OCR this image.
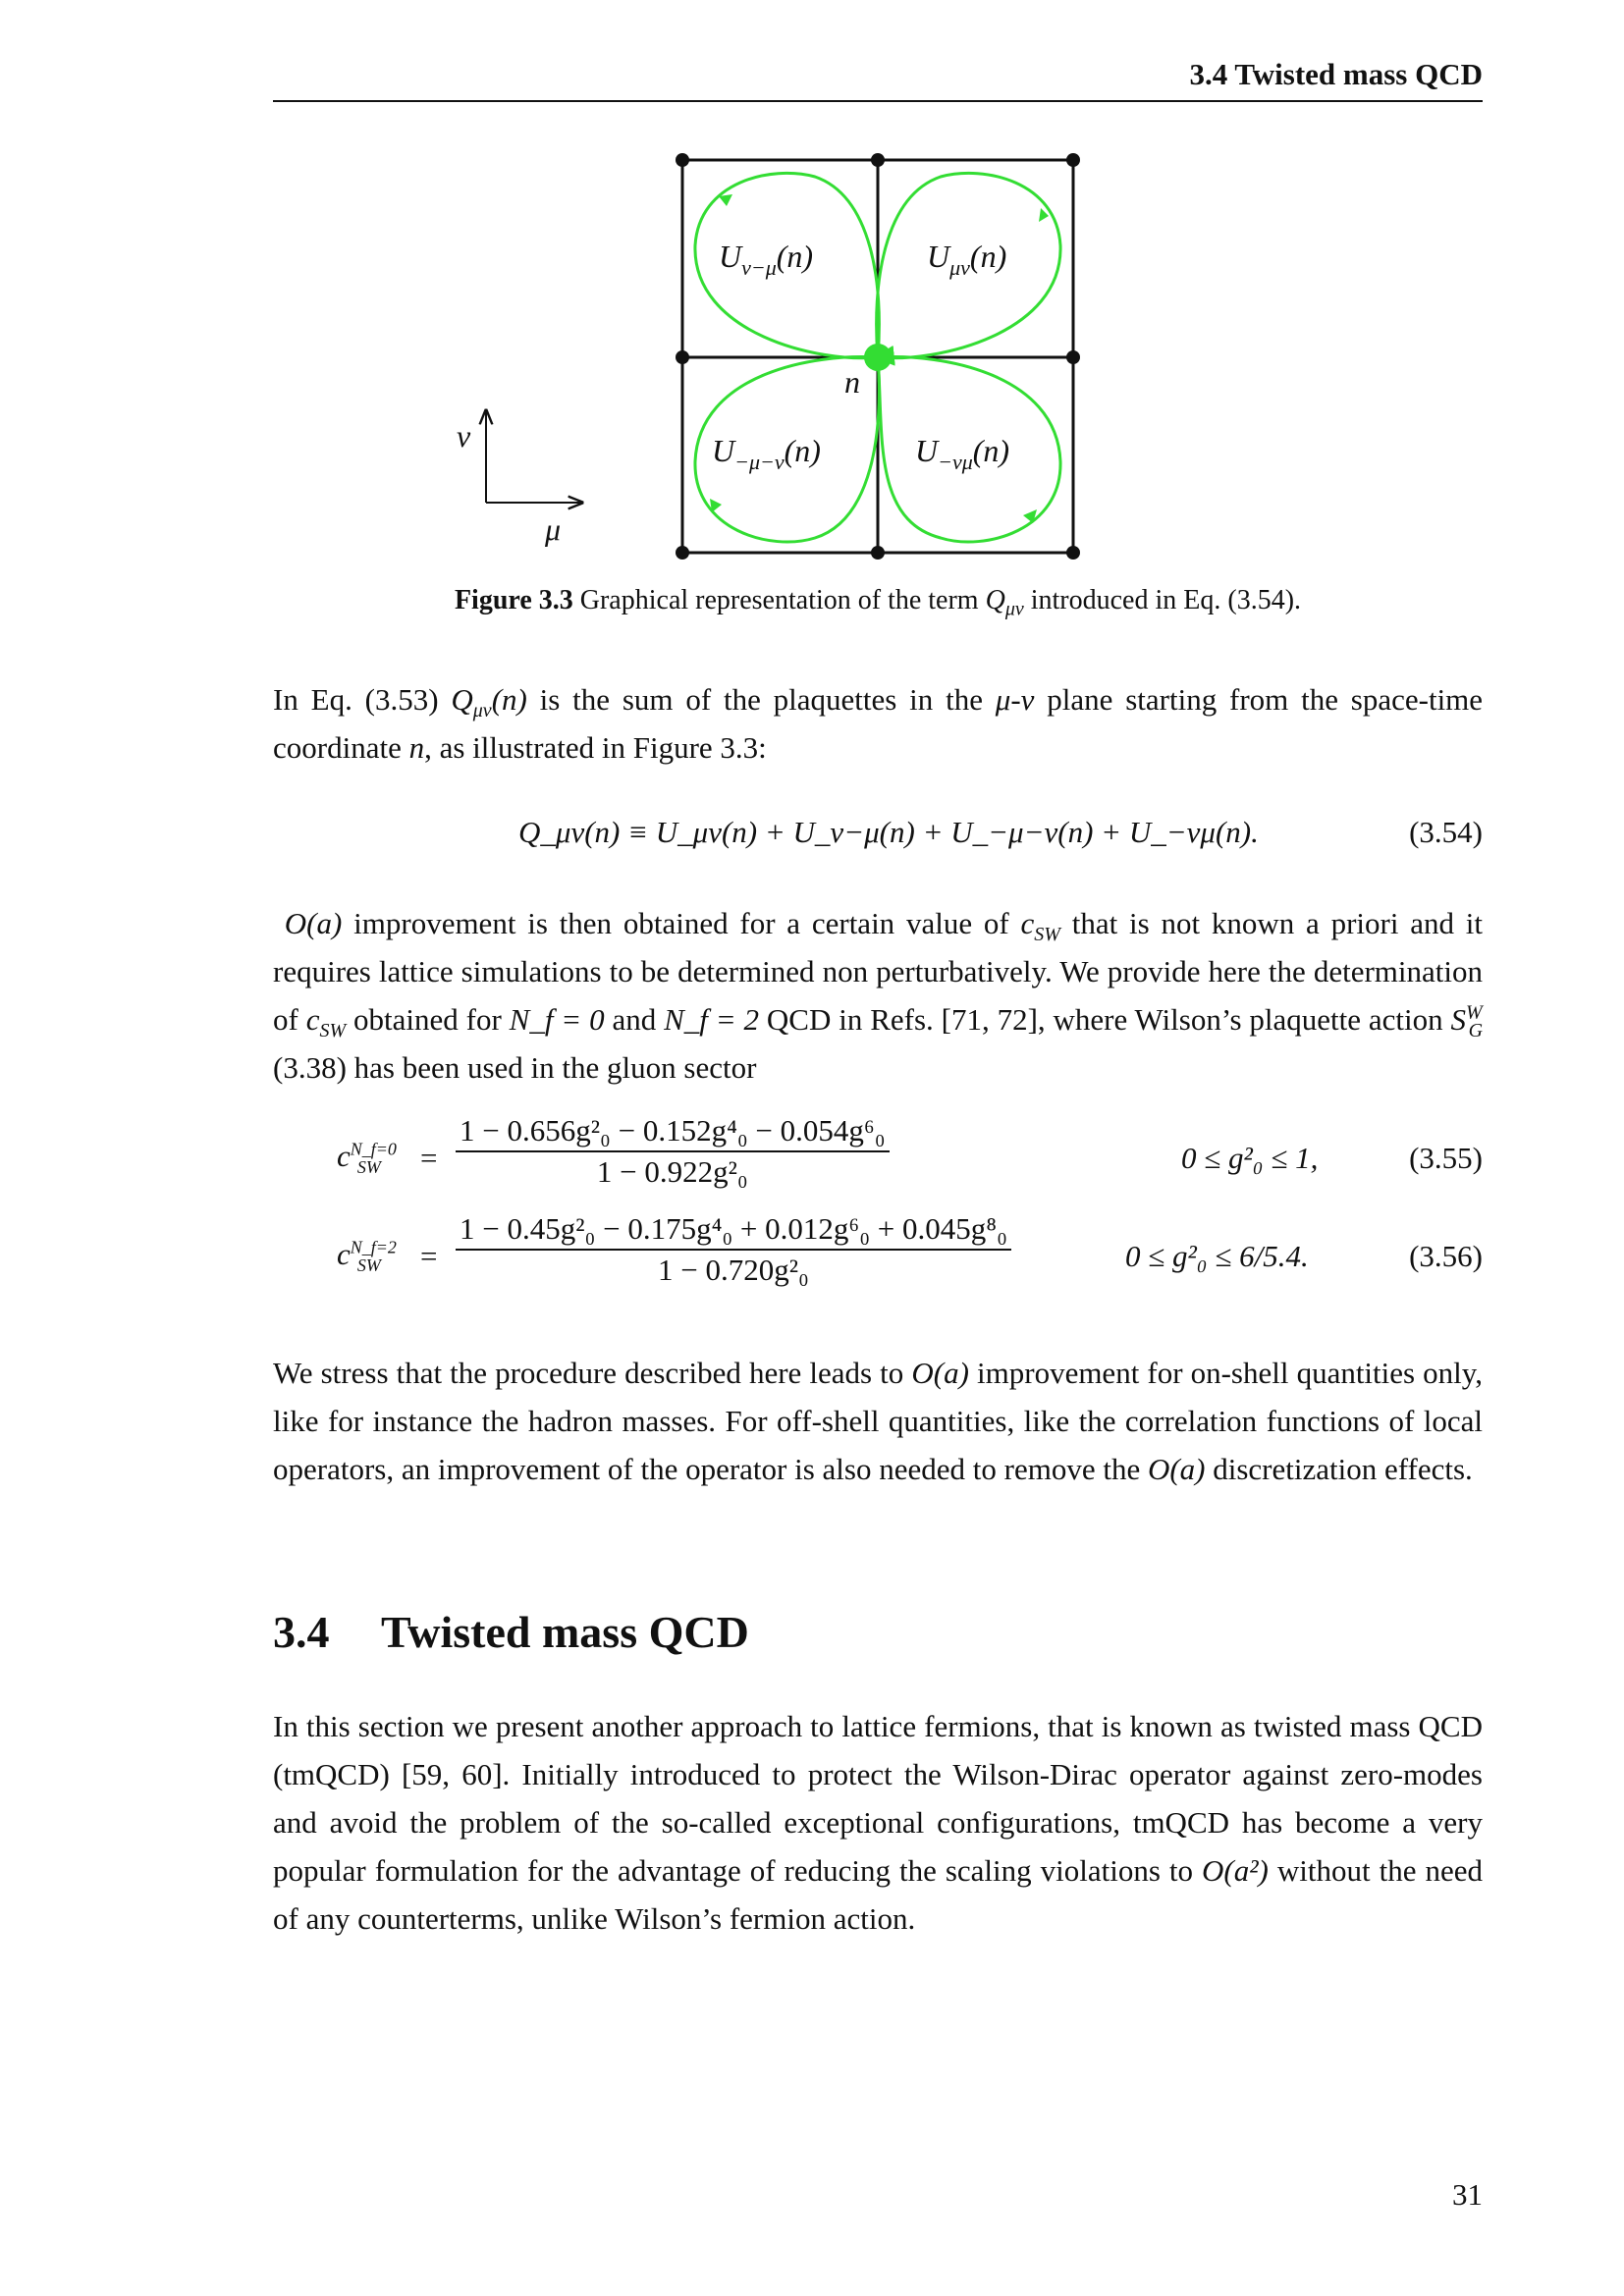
3.4 Twisted mass QCD
$U_{\nu-\mu}(n)$	$U_{\mu\nu}(n)$
$U_{-\mu-\nu}(n)$	$U_{-\nu\mu}(n)$
n
ν
μ
Figure 3.3 Graphical representation of the term $Q_{\mu\nu}$ introduced in Eq. (3.54).

In Eq. (3.53) $Q_{\mu\nu}(n)$ is the sum of the plaquettes in the μ-ν plane starting from the space-time coordinate n, as illustrated in Figure 3.3:

Q_μν(n) ≡ U_μν(n) + U_ν−μ(n) + U_−μ−ν(n) + U_−νμ(n).	(3.54)

O(a) improvement is then obtained for a certain value of $c_{SW}$ that is not known a priori and it requires lattice simulations to be determined non perturbatively. We provide here the determination of $c_{SW}$ obtained for N_f = 0 and N_f = 2 QCD in Refs. [71, 72], where Wilson’s plaquette action $S^W_G$ (3.38) has been used in the gluon sector

$c^{N\_f=0}_{SW} = \frac{\text{1 − 0.656g²₀ − 0.152g⁴₀ − 0.054g⁶₀}}{\text{1 − 0.922g²₀}}$	0 ≤ g²₀ ≤ 1,	(3.55)
$c^{N\_f=2}_{SW} = \frac{\text{1 − 0.45g²₀ − 0.175g⁴₀ + 0.012g⁶₀ + 0.045g⁸₀}}{\text{1 − 0.720g²₀}}$	0 ≤ g²₀ ≤ 6/5.4.	(3.56)

We stress that the procedure described here leads to O(a) improvement for on-shell quantities only, like for instance the hadron masses. For off-shell quantities, like the correlation functions of local operators, an improvement of the operator is also needed to remove the O(a) discretization effects.

3.4 Twisted mass QCD

In this section we present another approach to lattice fermions, that is known as twisted mass QCD (tmQCD) [59, 60]. Initially introduced to protect the Wilson-Dirac operator against zero-modes and avoid the problem of the so-called exceptional configurations, tmQCD has become a very popular formulation for the advantage of reducing the scaling violations to O(a²) without the need of any counterterms, unlike Wilson’s fermion action.

31
